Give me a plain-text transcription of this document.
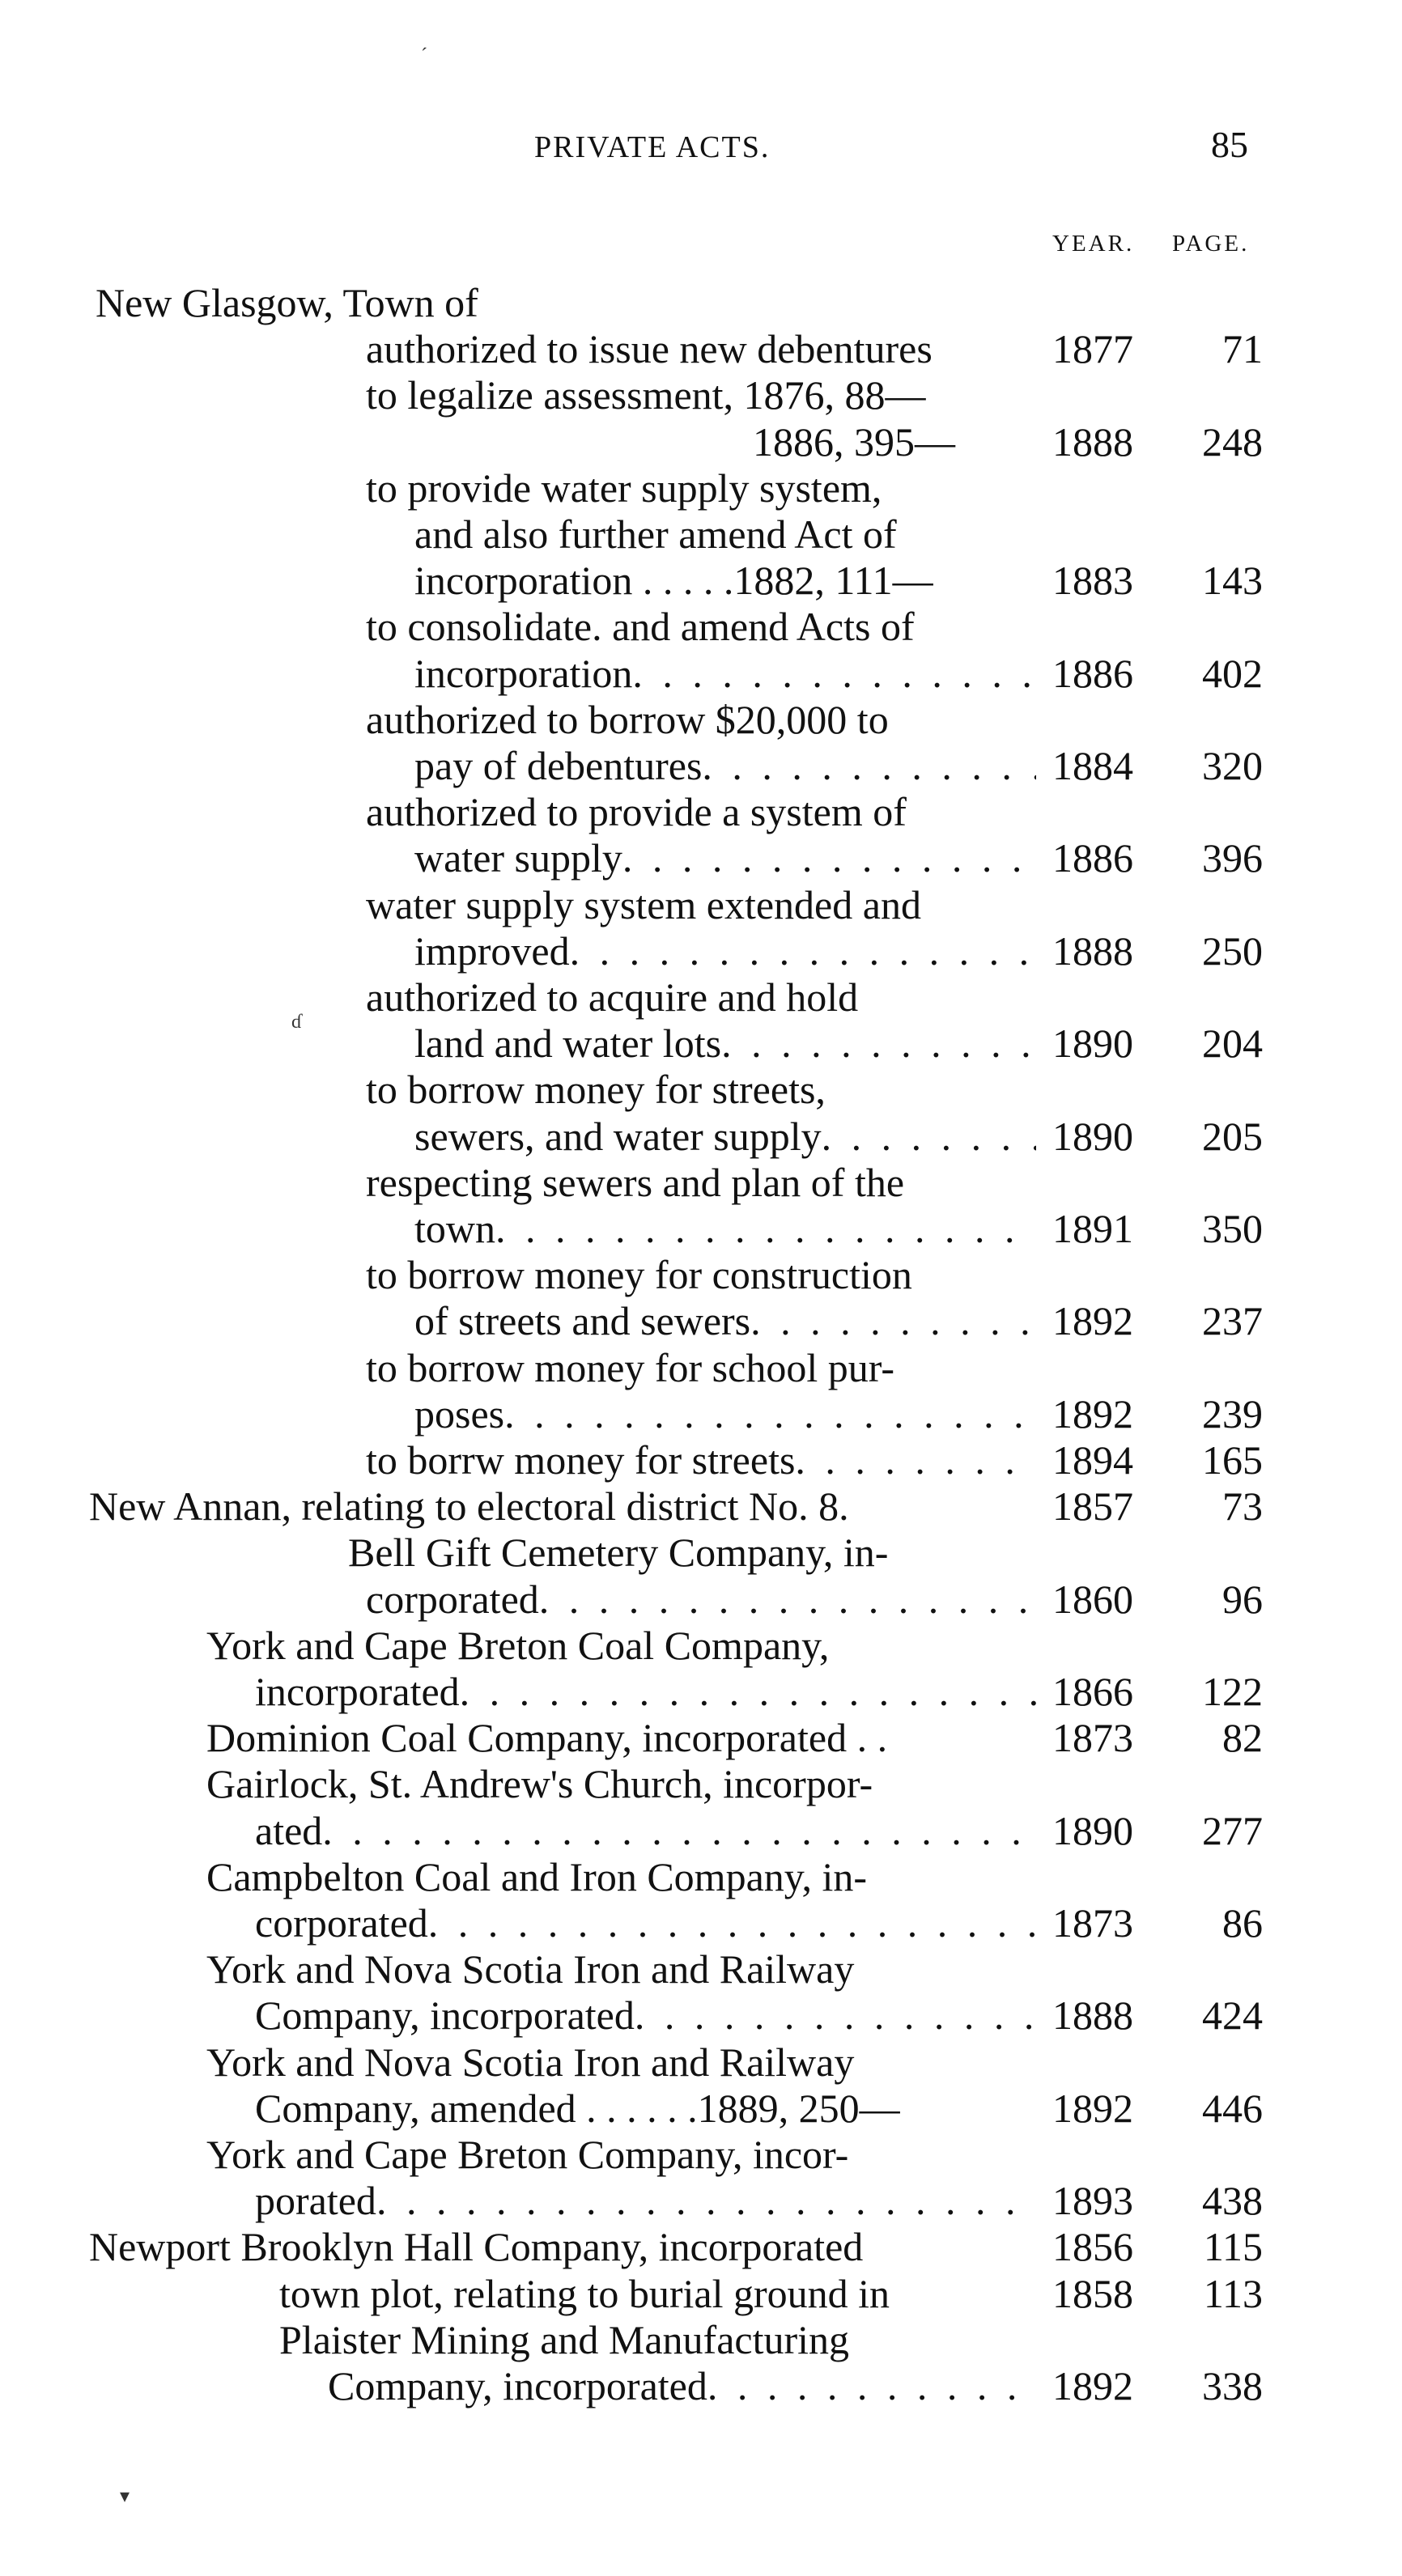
PRIVATE ACTS.	85
YEAR. PAGE.
New Glasgow, Town of
authorized to issue new debentures	1877	71
to legalize assessment, 1876, 88—
1886, 395— 1888	248
to provide water supply system,
and also further amend Act of
incorporation . . . . .1882, 111—	1883	143
to consolidate. and amend Acts of
incorporation . . .	1886	402
authorized to borrow $20,000 to
pay of debentures . . .	1884	320
authorized to provide a system of
water supply . . .	1886	396
water supply system extended and
improved . . .	1888	250
authorized to acquire and hold
land and water lots . . .	1890	204
to borrow money for streets,
sewers, and water supply . . .	1890	205
respecting sewers and plan of the
town . . .	1891	350
to borrow money for construction
of streets and sewers . . .	1892	237
to borrow money for school pur-
poses . . .	1892	239
to borrw money for streets . . .	1894	165
New Annan, relating to electoral district No. 8.	1857	73
Bell Gift Cemetery Company, in-
corporated . . .	1860	96
York and Cape Breton Coal Company,
incorporated . . .	1866	122
Dominion Coal Company, incorporated . .	1873	82
Gairlock, St. Andrew's Church, incorpor-
ated . . .	1890	277
Campbelton Coal and Iron Company, in-
corporated . . .	1873	86
York and Nova Scotia Iron and Railway
Company, incorporated . . .	1888	424
York and Nova Scotia Iron and Railway
Company, amended . . . . . .1889, 250—	1892	446
York and Cape Breton Company, incor-
porated . . .	1893	438
Newport Brooklyn Hall Company, incorporated	1856	115
town plot, relating to burial ground in	1858	113
Plaister Mining and Manufacturing
Company, incorporated . . .	1892	338
´
ɗ
▾
